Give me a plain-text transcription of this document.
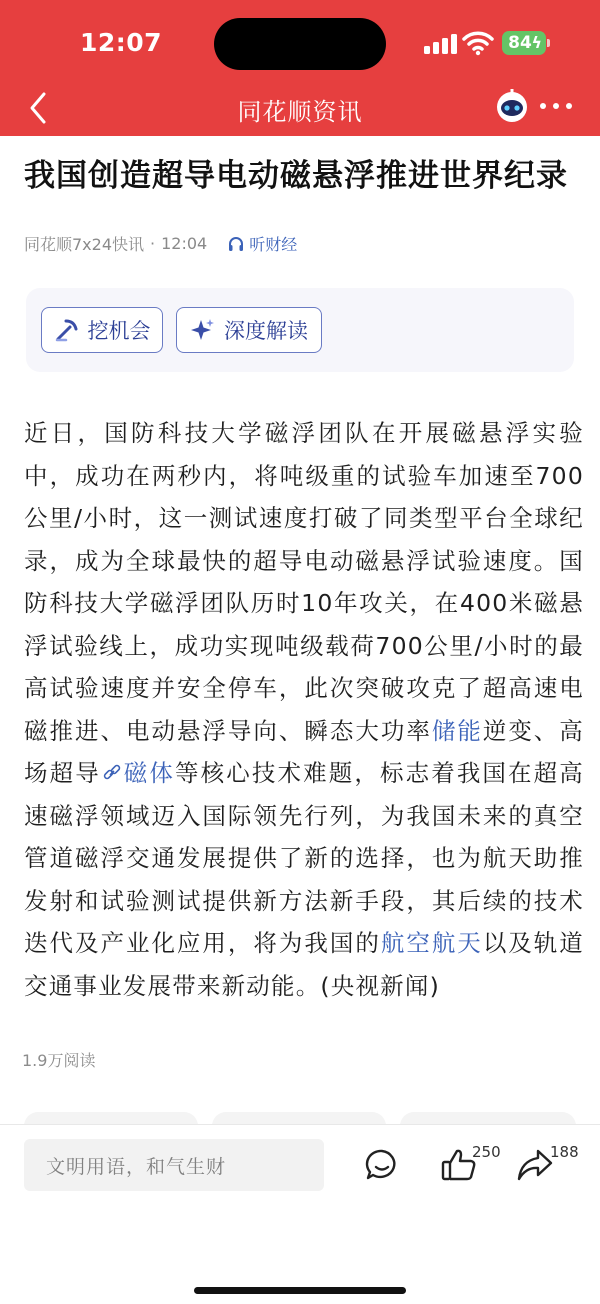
12:07	84 ϟ
同花顺资讯
我国创造超导电动磁悬浮推进世界纪录
同花顺7x24快讯 · 12:04	听财经
挖机会	深度解读
近日，国防科技大学磁浮团队在开展磁悬浮实验中，成功在两秒内，将吨级重的试验车加速至700公里/小时，这一测试速度打破了同类型平台全球纪录，成为全球最快的超导电动磁悬浮试验速度。国防科技大学磁浮团队历时10年攻关，在400米磁悬浮试验线上，成功实现吨级载荷700公里/小时的最高试验速度并安全停车，此次突破攻克了超高速电磁推进、电动悬浮导向、瞬态大功率储能逆变、高场超导 磁体等核心技术难题，标志着我国在超高速磁浮领域迈入国际领先行列，为我国未来的真空管道磁浮交通发展提供了新的选择，也为航天助推发射和试验测试提供新方法新手段，其后续的技术迭代及产业化应用，将为我国的航空航天以及轨道交通事业发展带来新动能。(央视新闻)
1.9万阅读
文明用语，和气生财
250	188
